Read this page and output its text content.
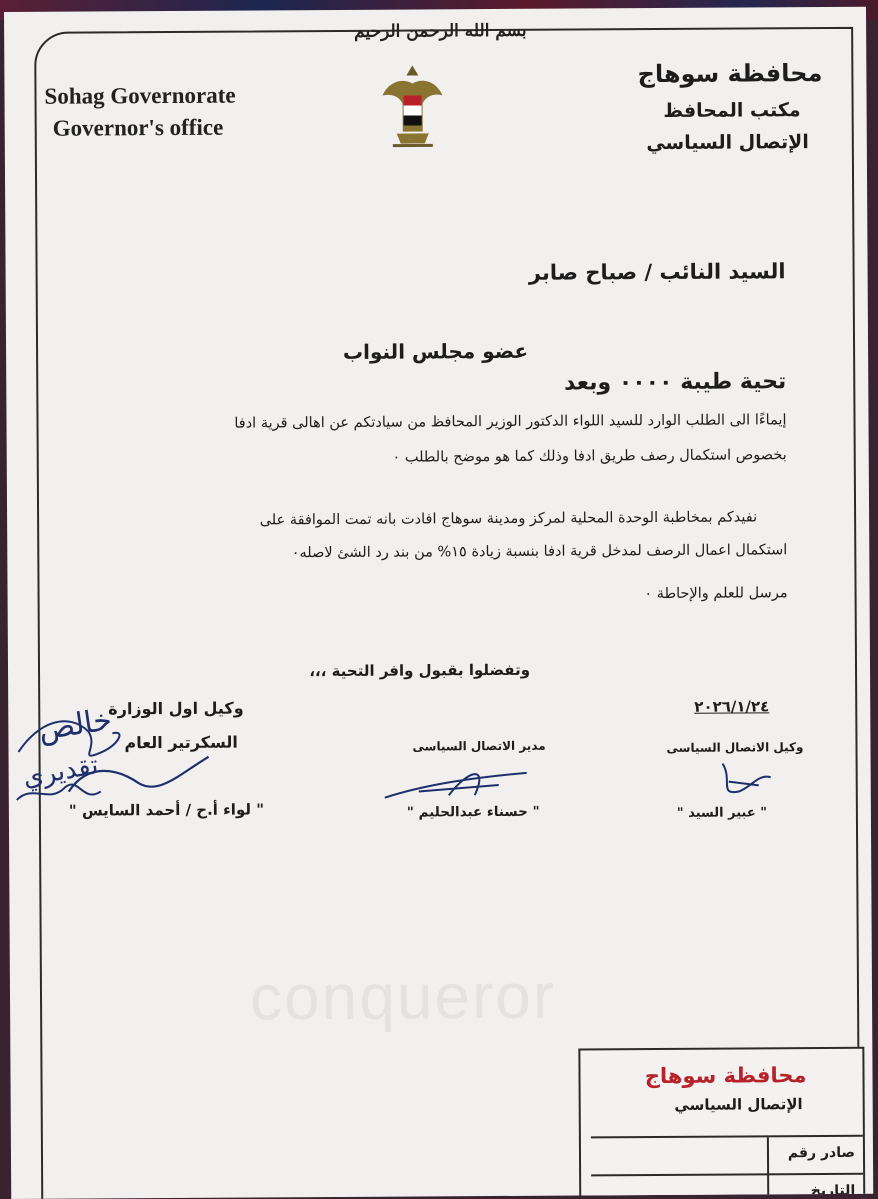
بسم الله الرحمن الرحيم
Sohag Governorate
Governor's office
محافظة سوهاج
مكتب المحافظ
الإتصال السياسي
السيد النائب / صباح صابر
عضو مجلس النواب
تحية طيبة ٠٠٠٠ وبعد
إيماءًا الى الطلب الوارد للسيد اللواء الدكتور الوزير المحافظ من سيادتكم عن اهالى قرية ادفا
بخصوص استكمال رصف طريق ادفا وذلك كما هو موضح بالطلب ٠
نفيدكم بمخاطبة الوحدة المحلية لمركز ومدينة سوهاج افادت بانه تمت الموافقة على
استكمال اعمال الرصف لمدخل قرية ادفا بنسبة زيادة ١٥% من بند رد الشئ لاصله٠
مرسل للعلم والإحاطة ٠
وتفضلوا بقبول وافر التحية ،،،
٢٠٢٦/١/٢٤
وكيل اول الوزارة
السكرتير العام
" لواء أ.ح / أحمد السايس "
مدير الاتصال السياسى
" حسناء عبدالحليم "
وكيل الاتصال السياسى
" عبير السيد "
خالص
تقديري
conqueror
محافظة سوهاج
الإتصال السياسي
صادر رقم
التاريخ
